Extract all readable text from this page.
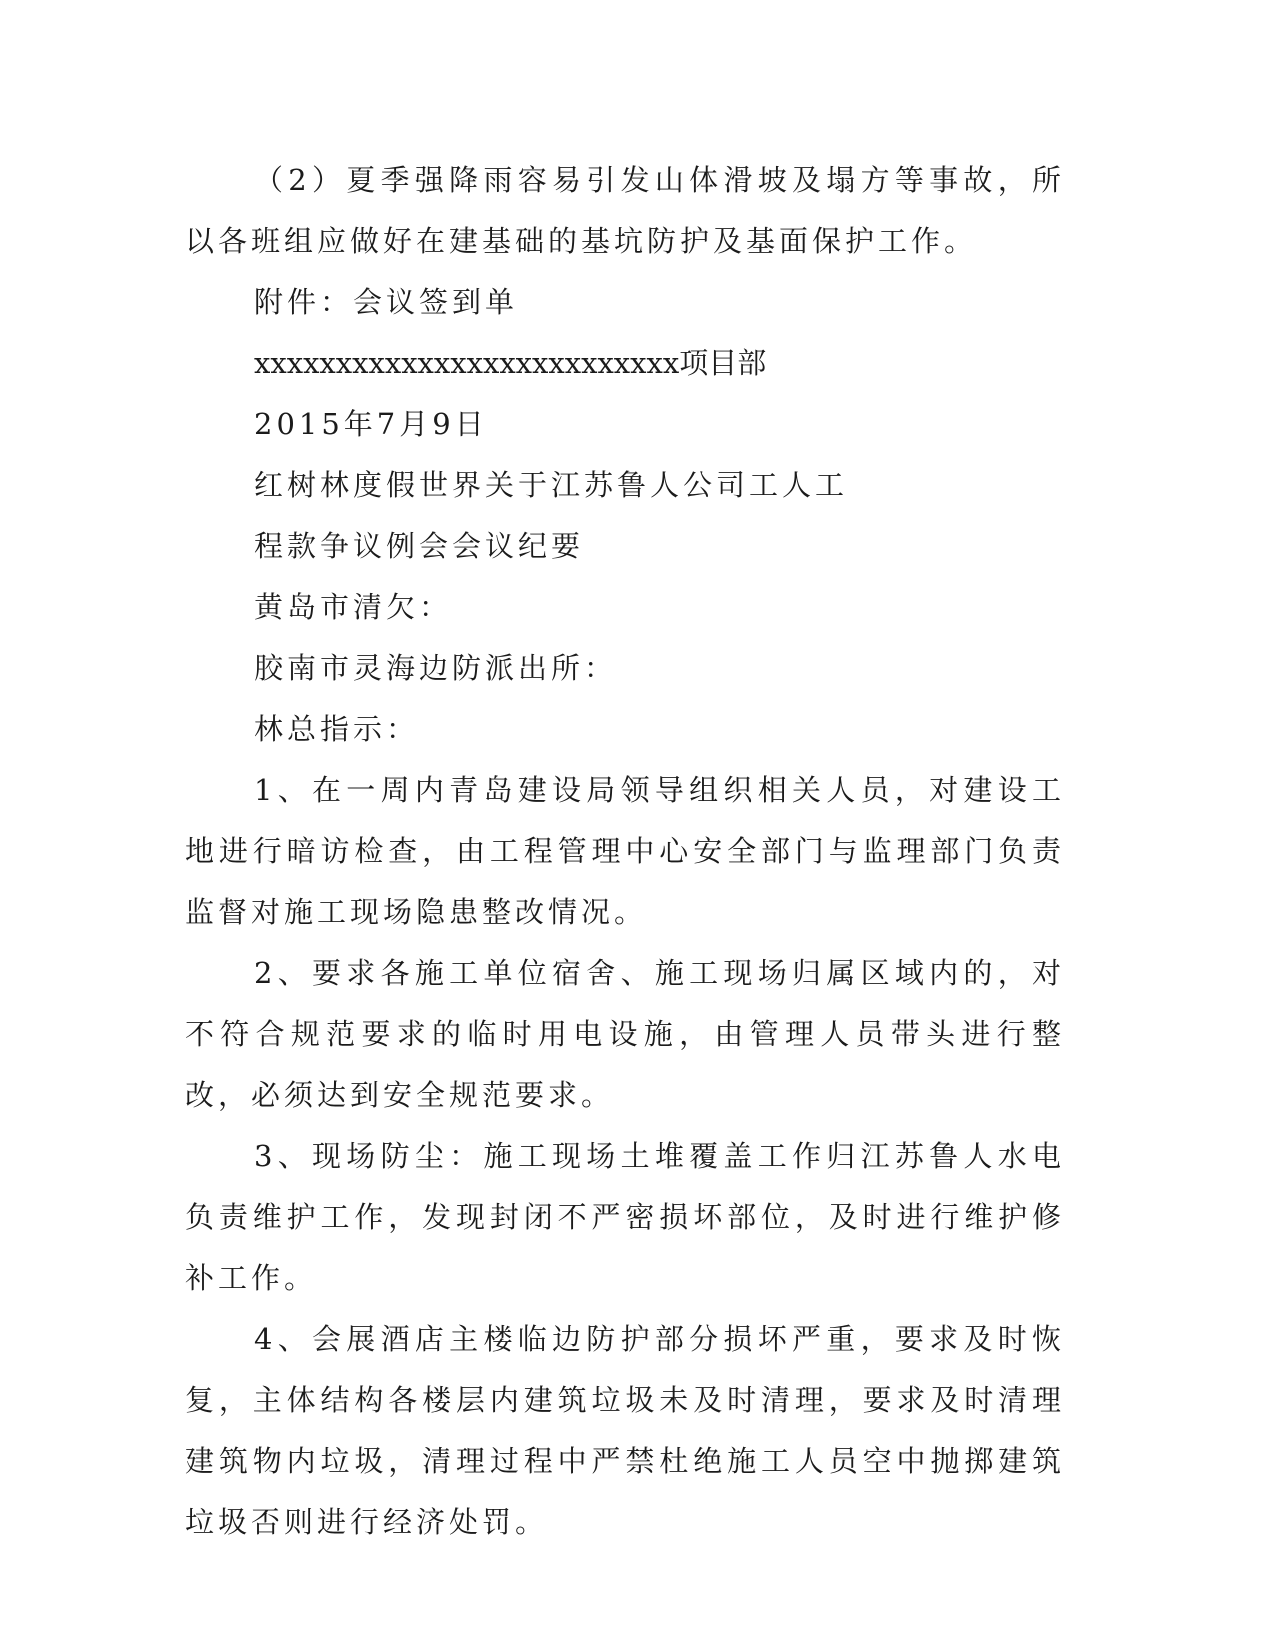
（2）夏季强降雨容易引发山体滑坡及塌方等事故，所以各班组应做好在建基础的基坑防护及基面保护工作。

附件：会议签到单

xxxxxxxxxxxxxxxxxxxxxxxxxx项目部

2015年7月9日

红树林度假世界关于江苏鲁人公司工人工

程款争议例会会议纪要

黄岛市清欠：

胶南市灵海边防派出所：

林总指示：

1、在一周内青岛建设局领导组织相关人员，对建设工地进行暗访检查，由工程管理中心安全部门与监理部门负责监督对施工现场隐患整改情况。

2、要求各施工单位宿舍、施工现场归属区域内的，对不符合规范要求的临时用电设施，由管理人员带头进行整改，必须达到安全规范要求。

3、现场防尘：施工现场土堆覆盖工作归江苏鲁人水电负责维护工作，发现封闭不严密损坏部位，及时进行维护修补工作。

4、会展酒店主楼临边防护部分损坏严重，要求及时恢复，主体结构各楼层内建筑垃圾未及时清理，要求及时清理建筑物内垃圾，清理过程中严禁杜绝施工人员空中抛掷建筑垃圾否则进行经济处罚。
